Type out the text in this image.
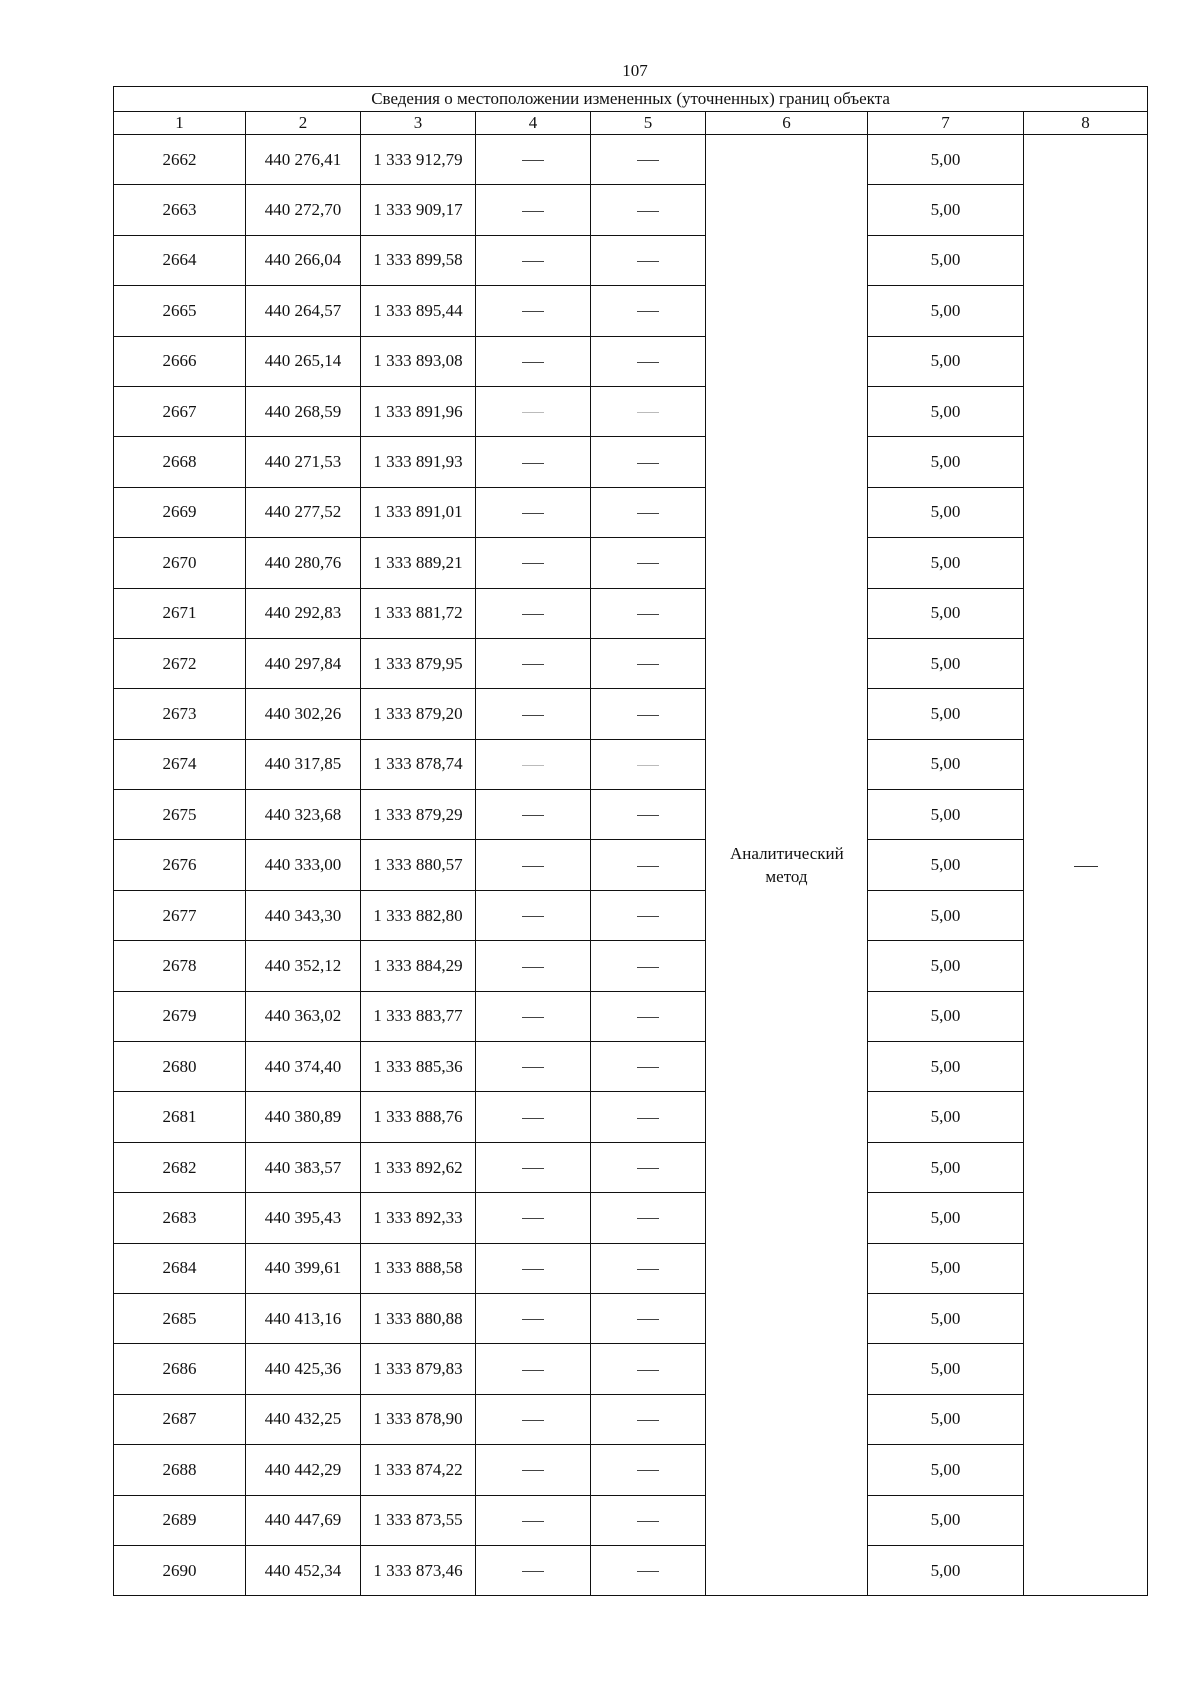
107
Сведения о местоположении измененных (уточненных) границ объекта							
1	2	3	4	5	6	7	8
2662	440 276,41	1 333 912,79			Аналитический метод	5,00	
2663	440 272,70	1 333 909,17				5,00	
2664	440 266,04	1 333 899,58				5,00	
2665	440 264,57	1 333 895,44				5,00	
2666	440 265,14	1 333 893,08				5,00	
2667	440 268,59	1 333 891,96				5,00	
2668	440 271,53	1 333 891,93				5,00	
2669	440 277,52	1 333 891,01				5,00	
2670	440 280,76	1 333 889,21				5,00	
2671	440 292,83	1 333 881,72				5,00	
2672	440 297,84	1 333 879,95				5,00	
2673	440 302,26	1 333 879,20				5,00	
2674	440 317,85	1 333 878,74				5,00	
2675	440 323,68	1 333 879,29				5,00	
2676	440 333,00	1 333 880,57				5,00	
2677	440 343,30	1 333 882,80				5,00	
2678	440 352,12	1 333 884,29				5,00	
2679	440 363,02	1 333 883,77				5,00	
2680	440 374,40	1 333 885,36				5,00	
2681	440 380,89	1 333 888,76				5,00	
2682	440 383,57	1 333 892,62				5,00	
2683	440 395,43	1 333 892,33				5,00	
2684	440 399,61	1 333 888,58				5,00	
2685	440 413,16	1 333 880,88				5,00	
2686	440 425,36	1 333 879,83				5,00	
2687	440 432,25	1 333 878,90				5,00	
2688	440 442,29	1 333 874,22				5,00	
2689	440 447,69	1 333 873,55				5,00	
2690	440 452,34	1 333 873,46				5,00	
